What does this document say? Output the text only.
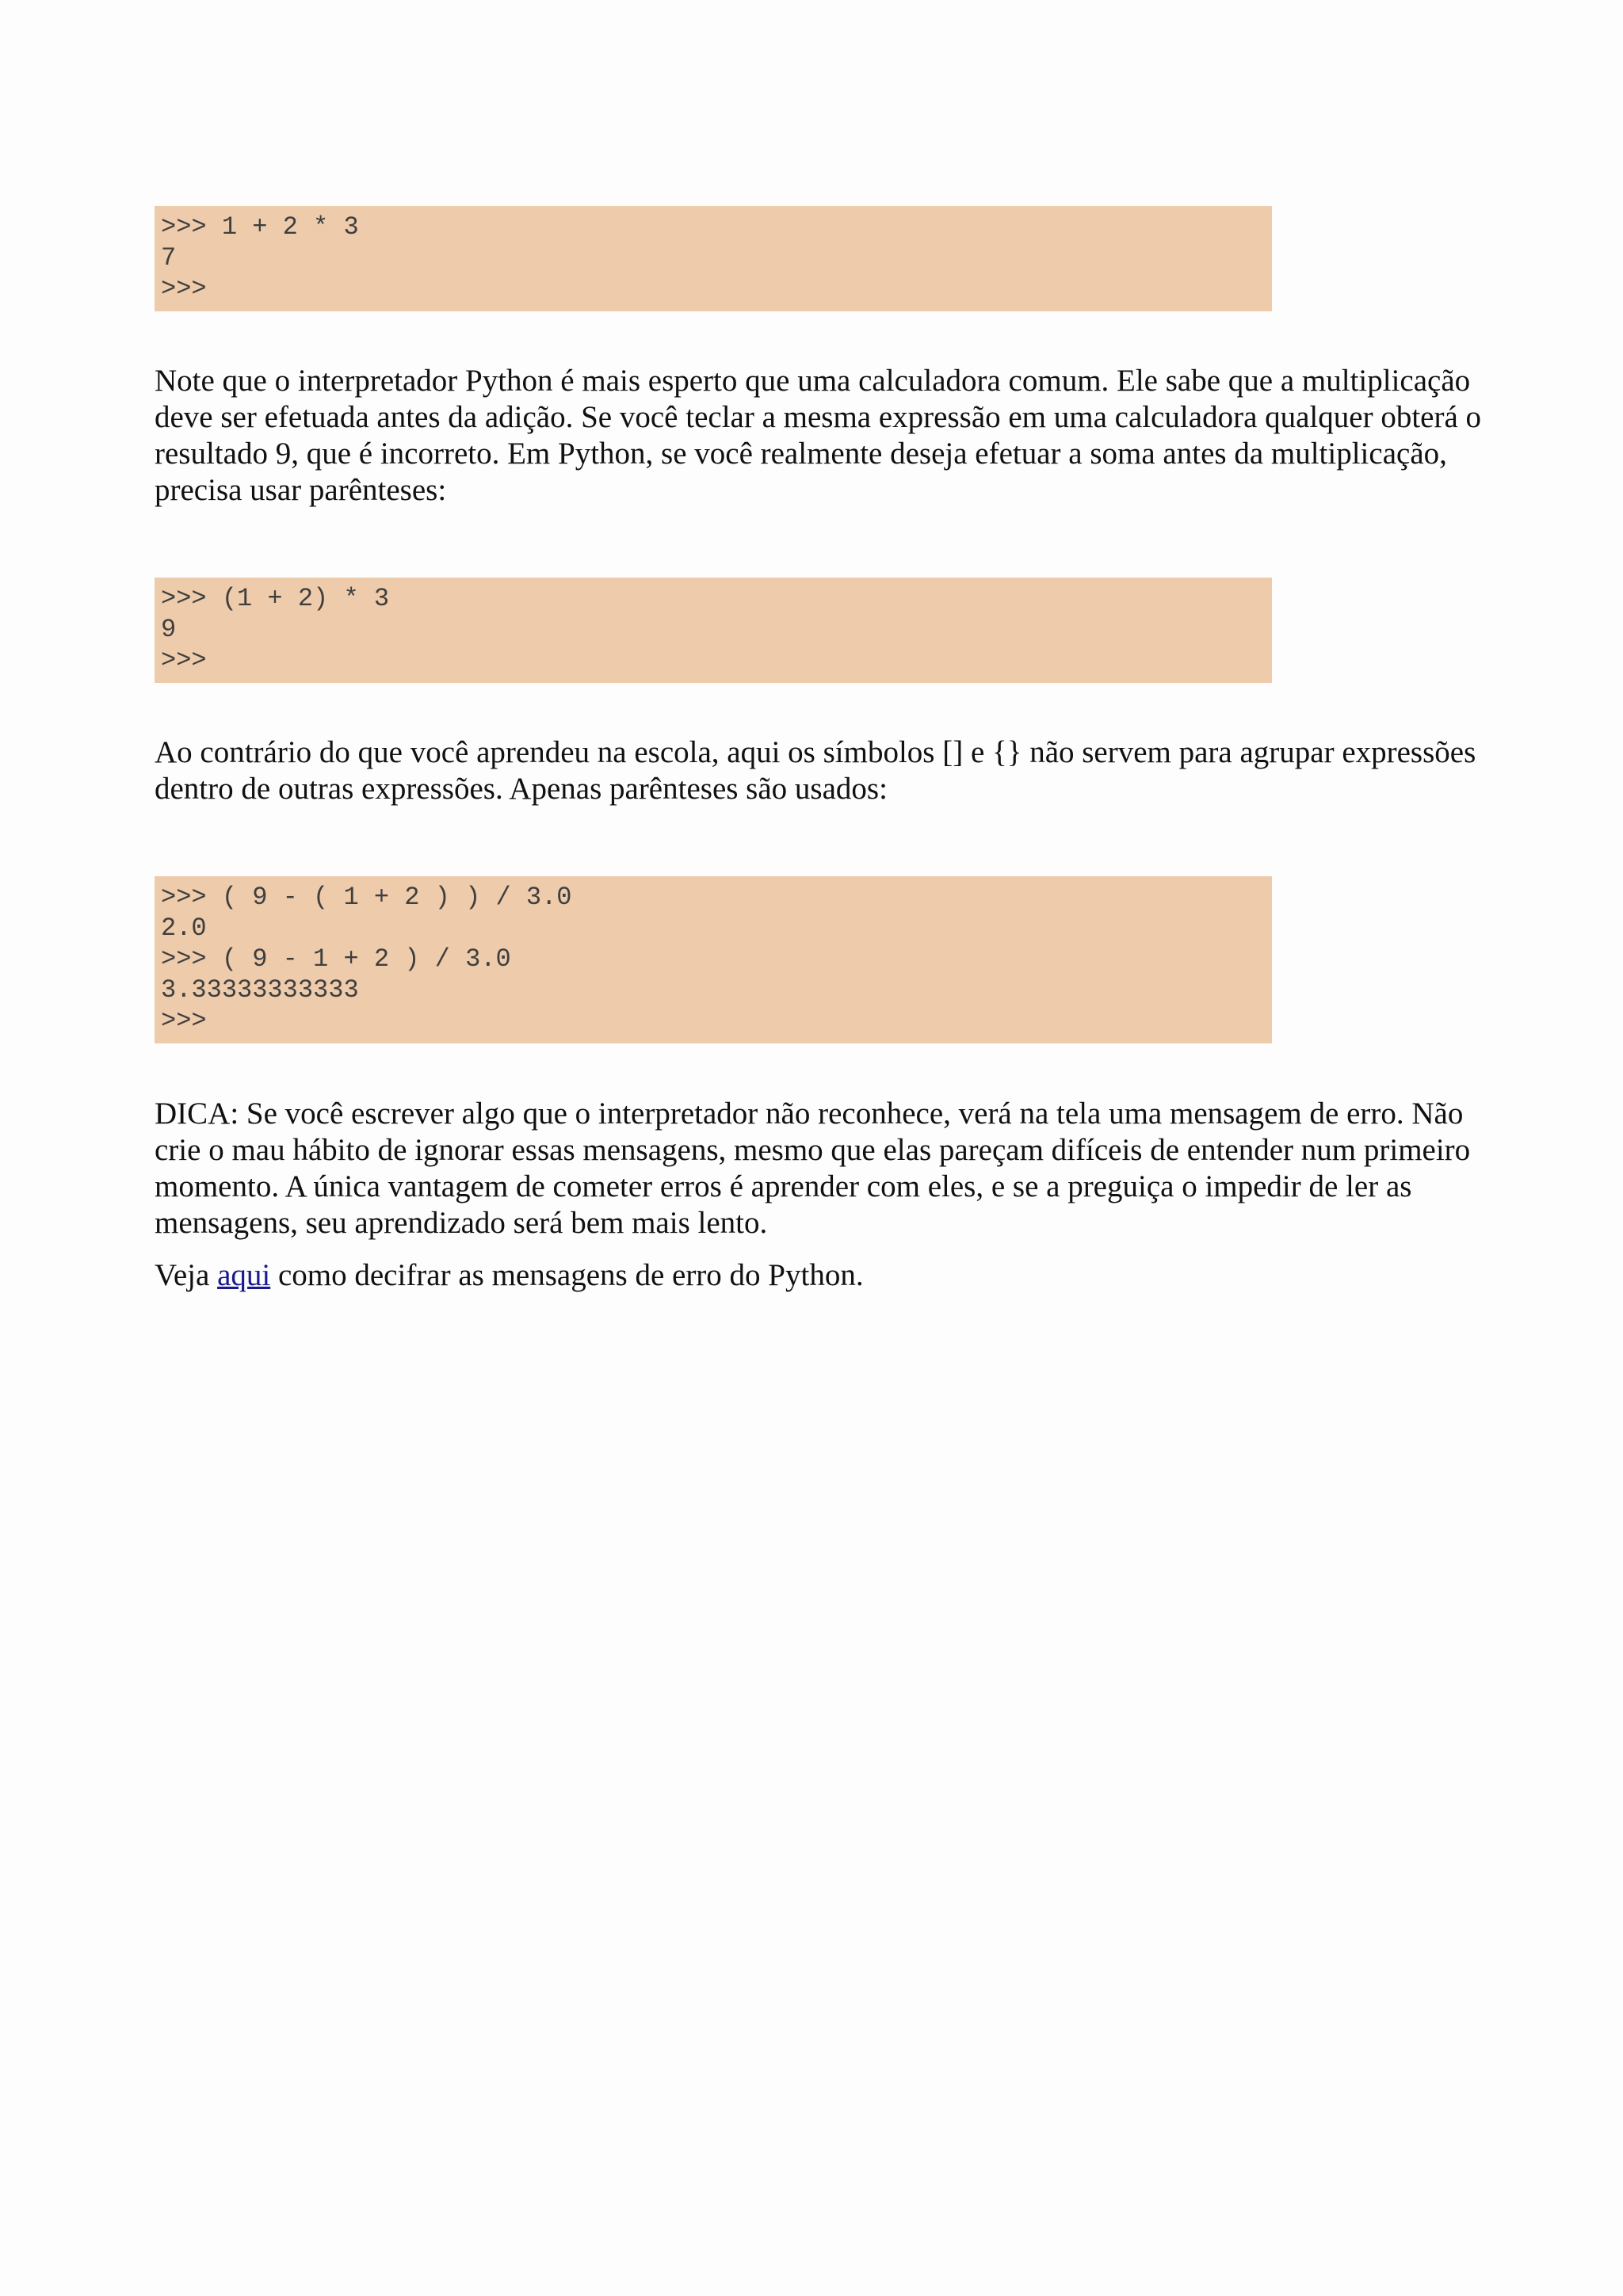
>>> 1 + 2 * 3
7
>>>

Note que o interpretador Python é mais esperto que uma calculadora comum. Ele sabe que a multiplicação deve ser efetuada antes da adição. Se você teclar a mesma expressão em uma calculadora qualquer obterá o resultado 9, que é incorreto. Em Python, se você realmente deseja efetuar a soma antes da multiplicação, precisa usar parênteses:

>>> (1 + 2) * 3
9
>>>

Ao contrário do que você aprendeu na escola, aqui os símbolos [] e {} não servem para agrupar expressões dentro de outras expressões. Apenas parênteses são usados:

>>> ( 9 - ( 1 + 2 ) ) / 3.0
2.0
>>> ( 9 - 1 + 2 ) / 3.0
3.33333333333
>>>

DICA: Se você escrever algo que o interpretador não reconhece, verá na tela uma mensagem de erro. Não crie o mau hábito de ignorar essas mensagens, mesmo que elas pareçam difíceis de entender num primeiro momento. A única vantagem de cometer erros é aprender com eles, e se a preguiça o impedir de ler as mensagens, seu aprendizado será bem mais lento.

Veja aqui como decifrar as mensagens de erro do Python.
